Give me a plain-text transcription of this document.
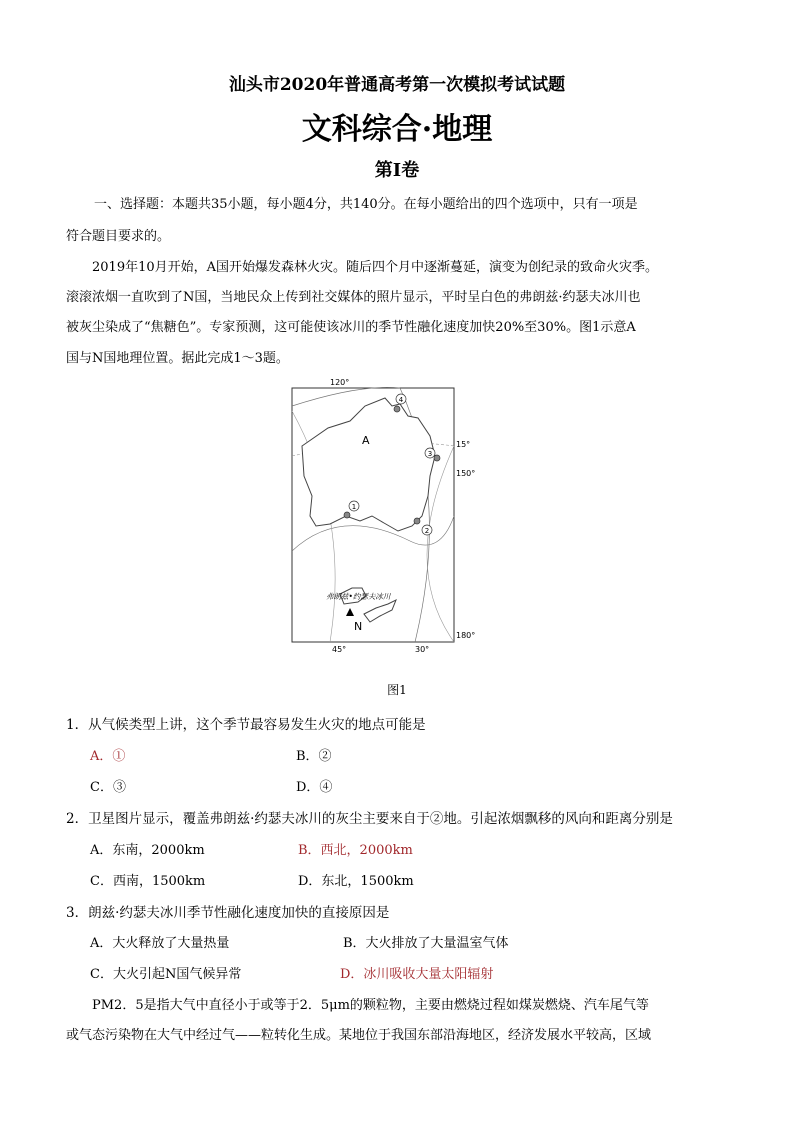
汕头市2020年普通高考第一次模拟考试试题
文科综合·地理
第Ⅰ卷
一、选择题：本题共35小题，每小题4分，共140分。在每小题给出的四个选项中，只有一项是
符合题目要求的。
2019年10月开始，A国开始爆发森林火灾。随后四个月中逐渐蔓延，演变为创纪录的致命火灾季。
滚滚浓烟一直吹到了N国，当地民众上传到社交媒体的照片显示，平时呈白色的弗朗兹·约瑟夫冰川也
被灰尘染成了“焦糖色”。专家预测，这可能使该冰川的季节性融化速度加快20%至30%。图1示意A
国与N国地理位置。据此完成1～3题。
120°
15°
150°
180°
45°	30°
A
N
弗朗兹•约瑟夫冰川
1
2
3
4
图1
1．从气候类型上讲，这个季节最容易发生火灾的地点可能是
A．①	B．②
C．③	D．④
2．卫星图片显示，覆盖弗朗兹·约瑟夫冰川的灰尘主要来自于②地。引起浓烟飘移的风向和距离分别是
A．东南，2000km	B．西北，2000km
C．西南，1500km	D．东北，1500km
3．朗兹·约瑟夫冰川季节性融化速度加快的直接原因是
A．大火释放了大量热量	B．大火排放了大量温室气体
C．大火引起N国气候异常	D．冰川吸收大量太阳辐射
PM2．5是指大气中直径小于或等于2．5μm的颗粒物，主要由燃烧过程如煤炭燃烧、汽车尾气等
或气态污染物在大气中经过气——粒转化生成。某地位于我国东部沿海地区，经济发展水平较高，区域
